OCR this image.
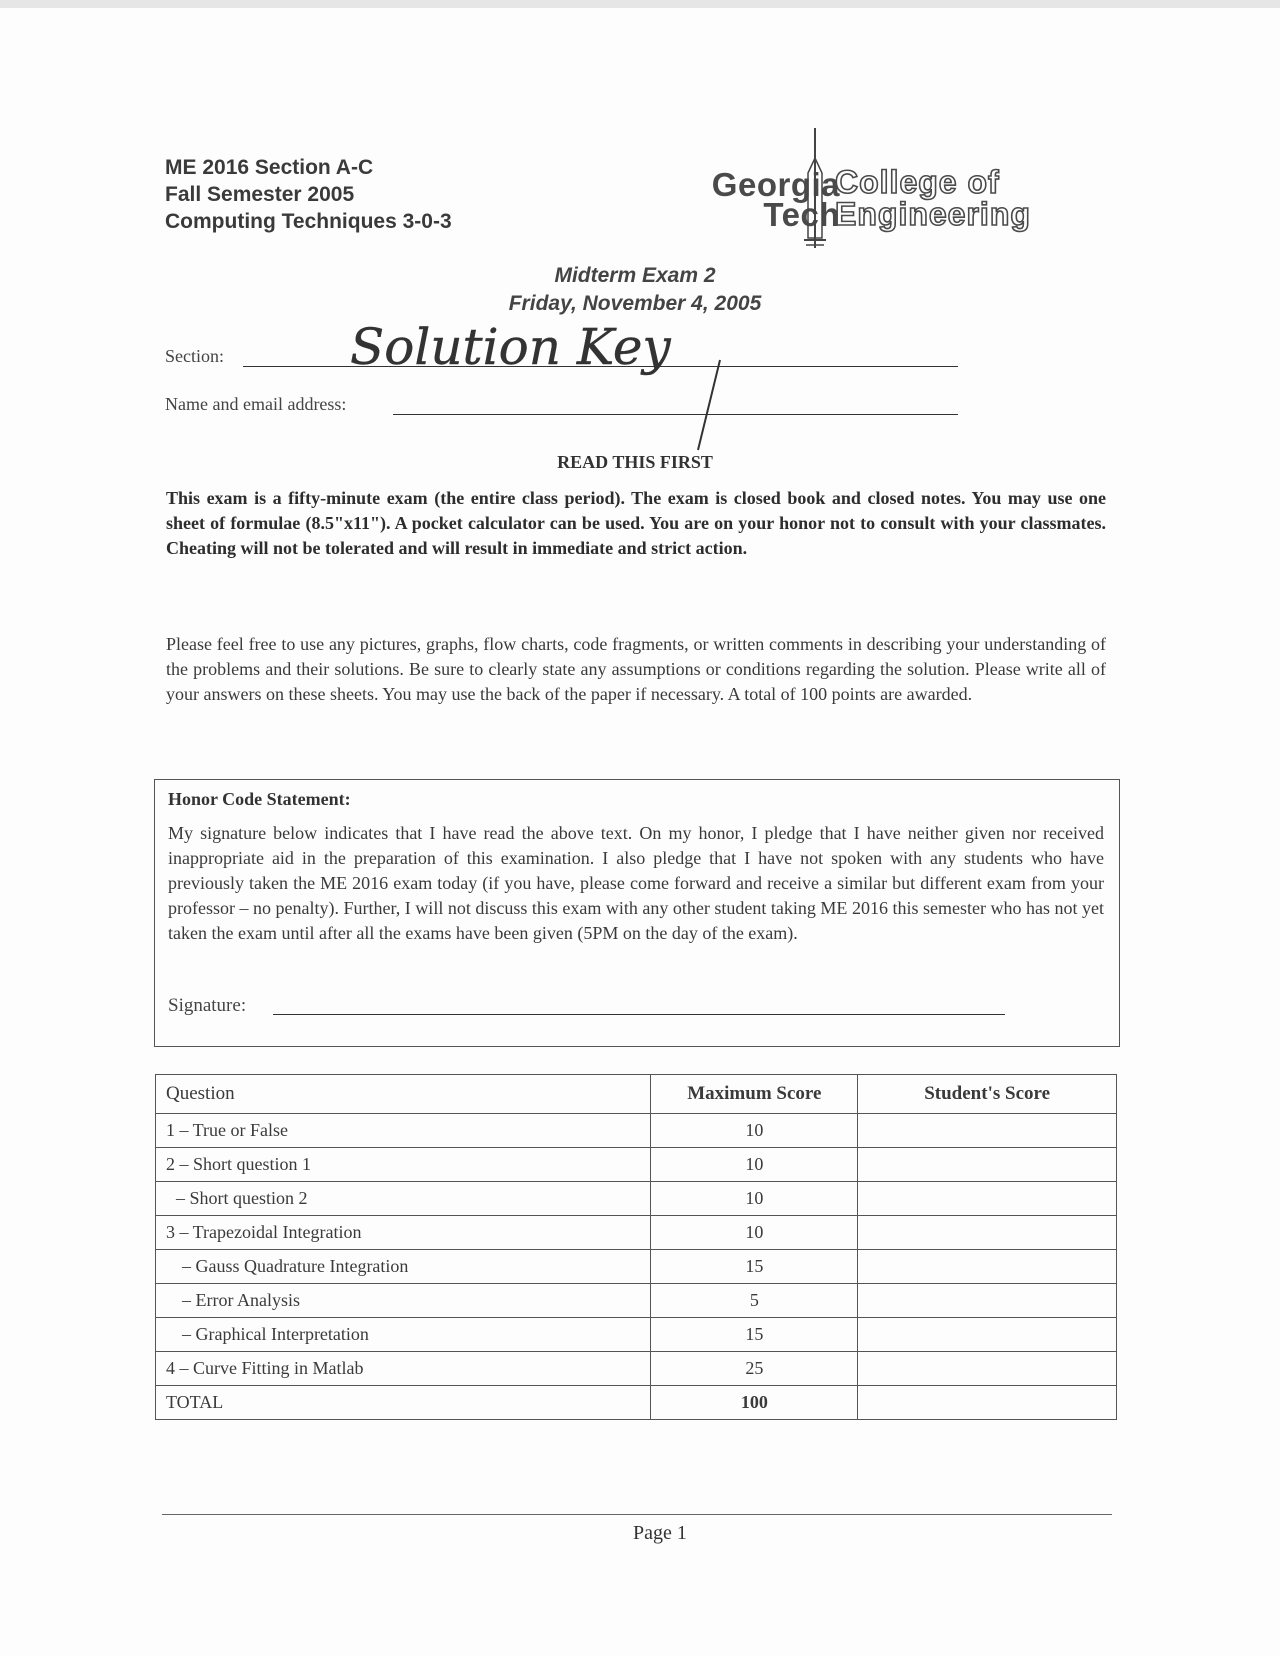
ME 2016 Section A-C
Fall Semester 2005
Computing Techniques 3-0-3
Georgia
Tech
College of
Engineering
Midterm Exam 2
Friday, November 4, 2005
Section:
Name and email address:
Solution Key
READ THIS FIRST
This exam is a fifty-minute exam (the entire class period). The exam is closed book and closed notes. You may use one sheet of formulae (8.5"x11"). A pocket calculator can be used. You are on your honor not to consult with your classmates. Cheating will not be tolerated and will result in immediate and strict action.
Please feel free to use any pictures, graphs, flow charts, code fragments, or written comments in describing your understanding of the problems and their solutions. Be sure to clearly state any assumptions or conditions regarding the solution. Please write all of your answers on these sheets. You may use the back of the paper if necessary. A total of 100 points are awarded.
Honor Code Statement:
My signature below indicates that I have read the above text. On my honor, I pledge that I have neither given nor received inappropriate aid in the preparation of this examination. I also pledge that I have not spoken with any students who have previously taken the ME 2016 exam today (if you have, please come forward and receive a similar but different exam from your professor – no penalty). Further, I will not discuss this exam with any other student taking ME 2016 this semester who has not yet taken the exam until after all the exams have been given (5PM on the day of the exam).
Signature:
Question	Maximum Score	Student's Score
1 – True or False	10	
2 – Short question 1	10	
– Short question 2	10	
3 – Trapezoidal Integration	10	
– Gauss Quadrature Integration	15	
– Error Analysis	5	
– Graphical Interpretation	15	
4 – Curve Fitting in Matlab	25	
TOTAL	100	
Page 1
